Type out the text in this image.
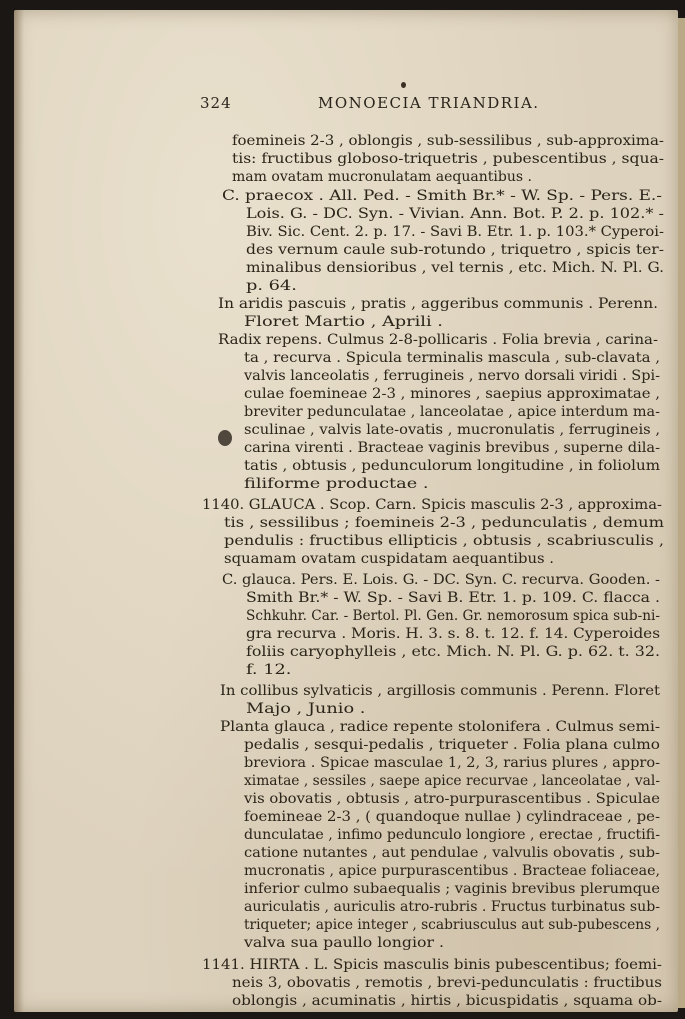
324	MONOECIA TRIANDRIA.
foemineis 2-3 , oblongis , sub-sessilibus , sub-approxima-
tis: fructibus globoso-triquetris , pubescentibus , squa-
mam ovatam mucronulatam aequantibus .
C. praecox . All. Ped. - Smith Br.* - W. Sp. - Pers. E.-
Lois. G. - DC. Syn. - Vivian. Ann. Bot. P. 2. p. 102.* -
Biv. Sic. Cent. 2. p. 17. - Savi B. Etr. 1. p. 103.* Cyperoi-
des vernum caule sub-rotundo , triquetro , spicis ter-
minalibus densioribus , vel ternis , etc. Mich. N. Pl. G.
p. 64.
In aridis pascuis , pratis , aggeribus communis . Perenn.
Floret Martio , Aprili .
Radix repens. Culmus 2-8-pollicaris . Folia brevia , carina-
ta , recurva . Spicula terminalis mascula , sub-clavata ,
valvis lanceolatis , ferrugineis , nervo dorsali viridi . Spi-
culae foemineae 2-3 , minores , saepius approximatae ,
breviter pedunculatae , lanceolatae , apice interdum ma-
sculinae , valvis late-ovatis , mucronulatis , ferrugineis ,
carina virenti . Bracteae vaginis brevibus , superne dila-
tatis , obtusis , pedunculorum longitudine , in foliolum
filiforme productae .
1140. GLAUCA . Scop. Carn. Spicis masculis 2-3 , approxima-
tis , sessilibus ; foemineis 2-3 , pedunculatis , demum
pendulis : fructibus ellipticis , obtusis , scabriusculis ,
squamam ovatam cuspidatam aequantibus .
C. glauca. Pers. E. Lois. G. - DC. Syn. C. recurva. Gooden. -
Smith Br.* - W. Sp. - Savi B. Etr. 1. p. 109. C. flacca .
Schkuhr. Car. - Bertol. Pl. Gen. Gr. nemorosum spica sub-ni-
gra recurva . Moris. H. 3. s. 8. t. 12. f. 14. Cyperoides
foliis caryophylleis , etc. Mich. N. Pl. G. p. 62. t. 32.
f. 12.
In collibus sylvaticis , argillosis communis . Perenn. Floret
Majo , Junio .
Planta glauca , radice repente stolonifera . Culmus semi-
pedalis , sesqui-pedalis , triqueter . Folia plana culmo
breviora . Spicae masculae 1, 2, 3, rarius plures , appro-
ximatae , sessiles , saepe apice recurvae , lanceolatae , val-
vis obovatis , obtusis , atro-purpurascentibus . Spiculae
foemineae 2-3 , ( quandoque nullae ) cylindraceae , pe-
dunculatae , infimo pedunculo longiore , erectae , fructifi-
catione nutantes , aut pendulae , valvulis obovatis , sub-
mucronatis , apice purpurascentibus . Bracteae foliaceae,
inferior culmo subaequalis ; vaginis brevibus plerumque
auriculatis , auriculis atro-rubris . Fructus turbinatus sub-
triqueter; apice integer , scabriusculus aut sub-pubescens ,
valva sua paullo longior .
1141. HIRTA . L. Spicis masculis binis pubescentibus; foemi-
neis 3, obovatis , remotis , brevi-pedunculatis : fructibus
oblongis , acuminatis , hirtis , bicuspidatis , squama ob-
